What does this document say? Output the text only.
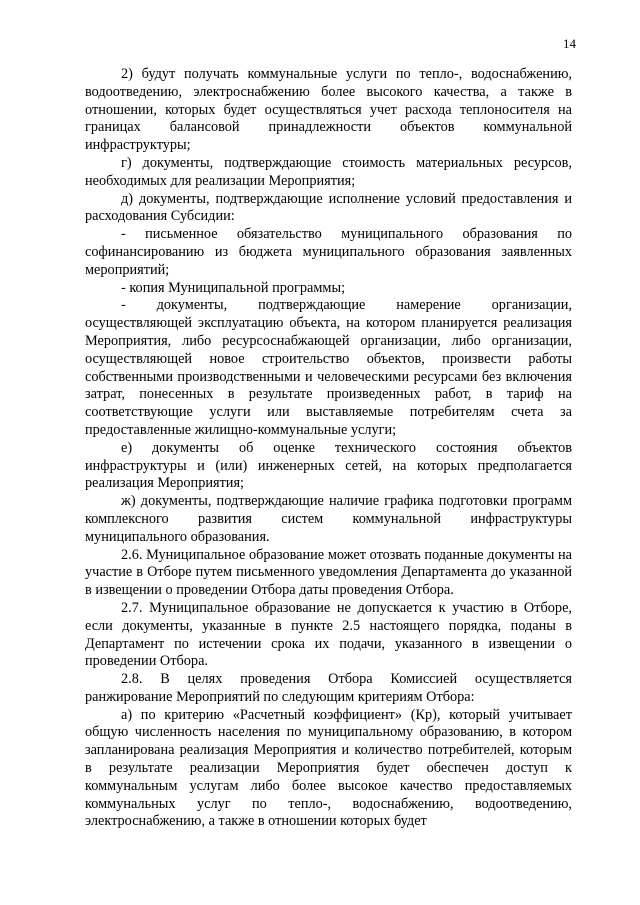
14

2) будут получать коммунальные услуги по тепло-, водоснабжению, водоотведению, электроснабжению более высокого качества, а также в отношении, которых будет осуществляться учет расхода теплоносителя на границах балансовой принадлежности объектов коммунальной инфраструктуры;

г) документы, подтверждающие стоимость материальных ресурсов, необходимых для реализации Мероприятия;

д) документы, подтверждающие исполнение условий предоставления и расходования Субсидии:

- письменное обязательство муниципального образования по софинансированию из бюджета муниципального образования заявленных мероприятий;

- копия Муниципальной программы;

- документы, подтверждающие намерение организации, осуществляющей эксплуатацию объекта, на котором планируется реализация Мероприятия, либо ресурсоснабжающей организации, либо организации, осуществляющей новое строительство объектов, произвести работы собственными производственными и человеческими ресурсами без включения затрат, понесенных в результате произведенных работ, в тариф на соответствующие услуги или выставляемые потребителям счета за предоставленные жилищно-коммунальные услуги;

е) документы об оценке технического состояния объектов инфраструктуры и (или) инженерных сетей, на которых предполагается реализация Мероприятия;

ж) документы, подтверждающие наличие графика подготовки программ комплексного развития систем коммунальной инфраструктуры муниципального образования.

2.6. Муниципальное образование может отозвать поданные документы на участие в Отборе путем письменного уведомления Департамента до указанной в извещении о проведении Отбора даты проведения Отбора.

2.7. Муниципальное образование не допускается к участию в Отборе, если документы, указанные в пункте 2.5 настоящего порядка, поданы в Департамент по истечении срока их подачи, указанного в извещении о проведении Отбора.

2.8. В целях проведения Отбора Комиссией осуществляется ранжирование Мероприятий по следующим критериям Отбора:

а) по критерию «Расчетный коэффициент» (Кр), который учитывает общую численность населения по муниципальному образованию, в котором запланирована реализация Мероприятия и количество потребителей, которым в результате реализации Мероприятия будет обеспечен доступ к коммунальным услугам либо более высокое качество предоставляемых коммунальных услуг по тепло-, водоснабжению, водоотведению, электроснабжению, а также в отношении которых будет
